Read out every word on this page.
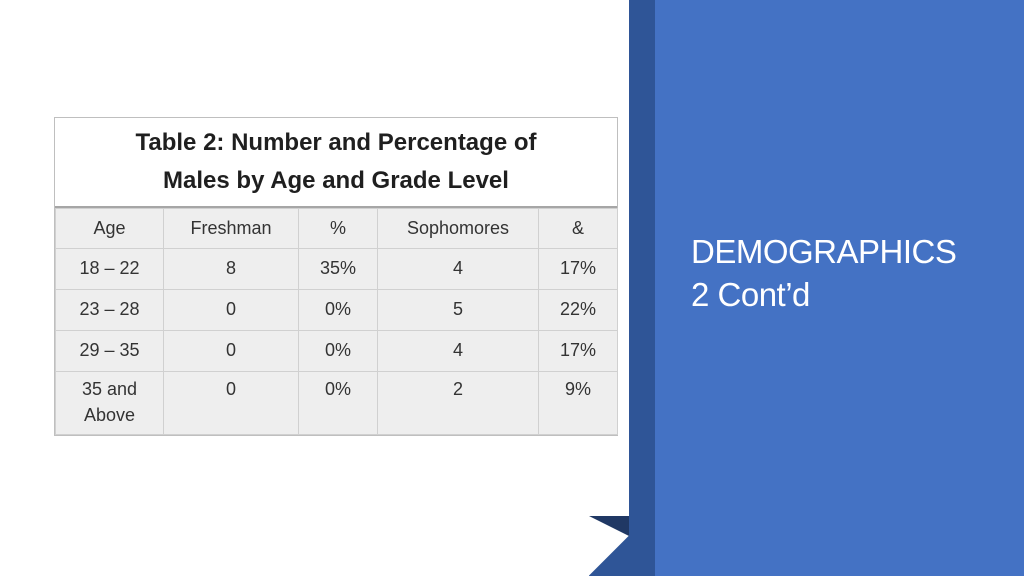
Table 2: Number and Percentage of
Males by Age and Grade Level
Age	Freshman	%	Sophomores	&
18 – 22	8	35%	4	17%
23 – 28	0	0%	5	22%
29 – 35	0	0%	4	17%
35 and
Above	0	0%	2	9%
DEMOGRAPHICS
2 Cont’d
